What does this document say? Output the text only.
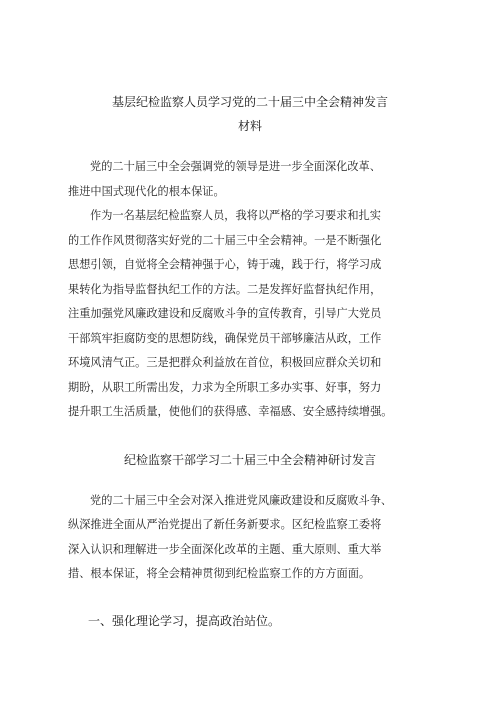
基层纪检监察人员学习党的二十届三中全会精神发言
材料
党的二十届三中全会强调党的领导是进一步全面深化改革、
推进中国式现代化的根本保证。
作为一名基层纪检监察人员，我将以严格的学习要求和扎实
的工作作风贯彻落实好党的二十届三中全会精神。一是不断强化
思想引领，自觉将全会精神强于心，铸于魂，践于行，将学习成
果转化为指导监督执纪工作的方法。二是发挥好监督执纪作用，
注重加强党风廉政建设和反腐败斗争的宣传教育，引导广大党员
干部筑牢拒腐防变的思想防线，确保党员干部够廉洁从政，工作
环境风清气正。三是把群众利益放在首位，积极回应群众关切和
期盼，从职工所需出发，力求为全所职工多办实事、好事，努力
提升职工生活质量，使他们的获得感、幸福感、安全感持续增强。
纪检监察干部学习二十届三中全会精神研讨发言
党的二十届三中全会对深入推进党风廉政建设和反腐败斗争、
纵深推进全面从严治党提出了新任务新要求。区纪检监察工委将
深入认识和理解进一步全面深化改革的主题、重大原则、重大举
措、根本保证，将全会精神贯彻到纪检监察工作的方方面面。
一、强化理论学习，提高政治站位。
